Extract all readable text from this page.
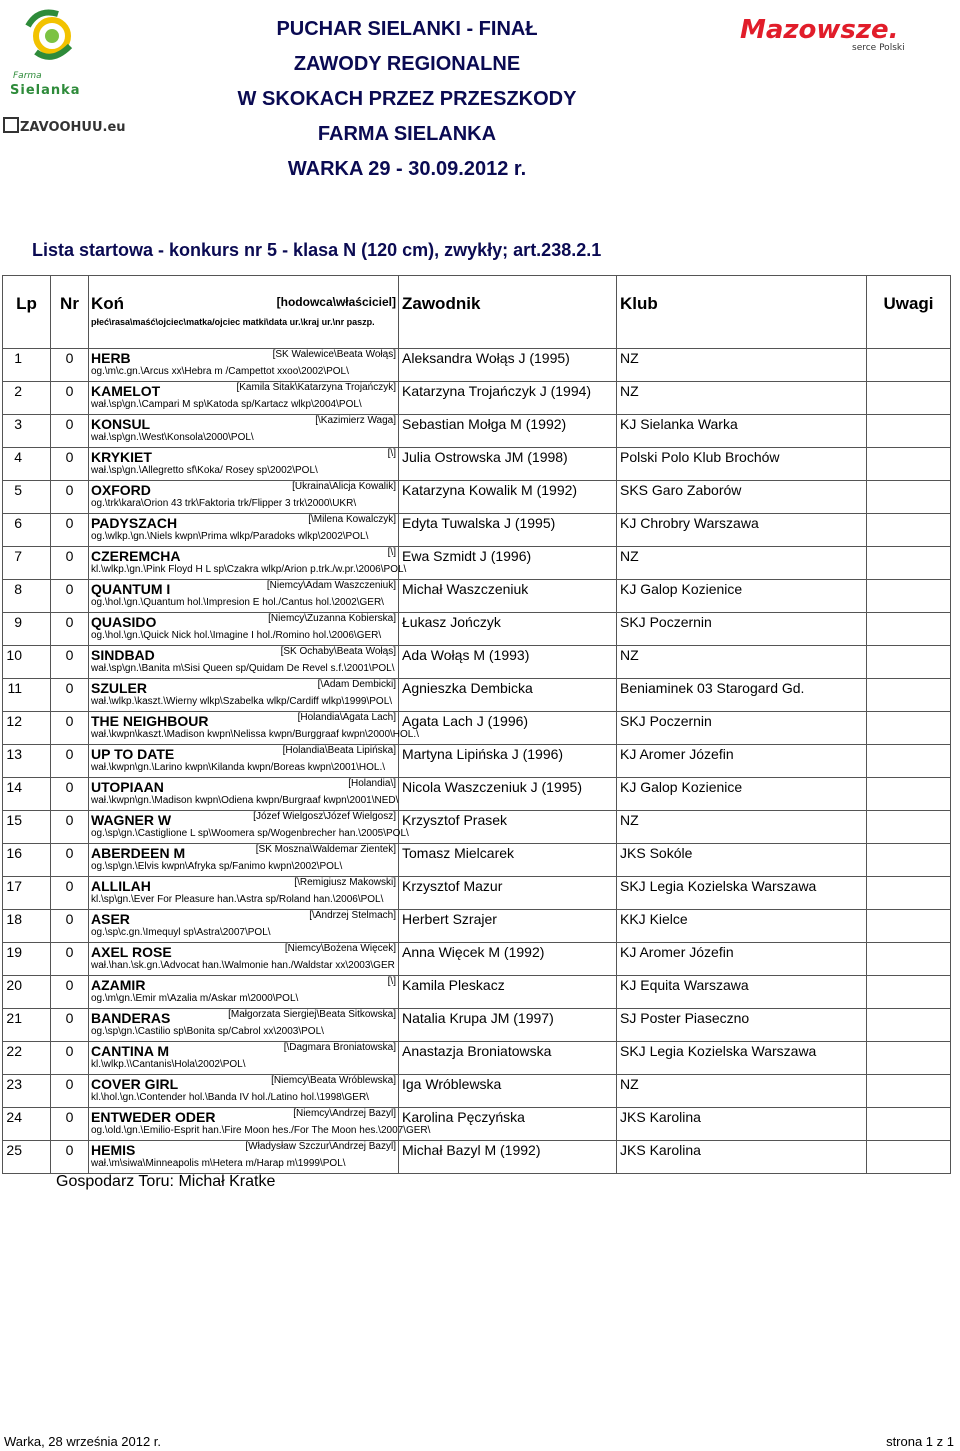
Farma
Sielanka
ZAVOOHUU.eu
Mazowsze.
serce Polski
PUCHAR SIELANKI - FINAŁ
ZAWODY REGIONALNE
W SKOKACH PRZEZ PRZESZKODY
FARMA SIELANKA
WARKA 29 - 30.09.2012 r.
Lista startowa - konkurs nr 5 - klasa N (120 cm), zwykły; art.238.2.1
Lp	Nr	Koń [hodowca\właściciel]
płeć\rasa\maść\ojciec\matka/ojciec matki\data ur.\kraj ur.\nr paszp.	Zawodnik	Klub	Uwagi
1	0	HERB [SK Walewice\Beata Wołąs]
og.\m\c.gn.\Arcus xx\Hebra m /Campettot xxoo\2002\POL\	Aleksandra Wołąs J (1995)	NZ	
2	0	KAMELOT [Kamila Sitak\Katarzyna Trojańczyk]
wał.\sp\gn.\Campari M sp\Katoda sp/Kartacz wlkp\2004\POL\	Katarzyna Trojańczyk J (1994)	NZ	
3	0	KONSUL [\Kazimierz Waga]
wał.\sp\gn.\West\Konsola\2000\POL\	Sebastian Mołga M (1992)	KJ Sielanka Warka	
4	0	KRYKIET [\]
wał.\sp\gn.\Allegretto sf\Koka/ Rosey sp\2002\POL\	Julia Ostrowska JM (1998)	Polski Polo Klub Brochów	
5	0	OXFORD [Ukraina\Alicja Kowalik]
og.\trk\kara\Orion 43 trk\Faktoria trk/Flipper 3 trk\2000\UKR\	Katarzyna Kowalik M (1992)	SKS Garo Zaborów	
6	0	PADYSZACH [\Milena Kowalczyk]
og.\wlkp.\gn.\Niels kwpn\Prima wlkp/Paradoks wlkp\2002\POL\	Edyta Tuwalska J (1995)	KJ Chrobry Warszawa	
7	0	CZEREMCHA [\]
kl.\wlkp.\gn.\Pink Floyd H L sp\Czakra wlkp/Arion p.trk./w.pr.\2006\POL\	Ewa Szmidt J (1996)	NZ	
8	0	QUANTUM I [Niemcy\Adam Waszczeniuk]
og.\hol.\gn.\Quantum hol.\Impresion E hol./Cantus hol.\2002\GER\	Michał Waszczeniuk	KJ Galop Kozienice	
9	0	QUASIDO [Niemcy\Zuzanna Kobierska]
og.\hol.\gn.\Quick Nick hol.\Imagine I hol./Romino hol.\2006\GER\	Łukasz Jończyk	SKJ Poczernin	
10	0	SINDBAD [SK Ochaby\Beata Wołąs]
wał.\sp\gn.\Banita m\Sisi Queen sp/Quidam De Revel s.f.\2001\POL\	Ada Wołąs M (1993)	NZ	
11	0	SZULER [\Adam Dembicki]
wał.\wlkp.\kaszt.\Wierny wlkp\Szabelka wlkp/Cardiff wlkp\1999\POL\	Agnieszka Dembicka	Beniaminek 03 Starogard Gd.	
12	0	THE NEIGHBOUR [Holandia\Agata Lach]
wał.\kwpn\kaszt.\Madison kwpn\Nelissa kwpn/Burggraaf kwpn\2000\HOL.\	Agata Lach J (1996)	SKJ Poczernin	
13	0	UP TO DATE [Holandia\Beata Lipińska]
wał.\kwpn\gn.\Larino kwpn\Kilanda kwpn/Boreas kwpn\2001\HOL.\	Martyna Lipińska J (1996)	KJ Aromer Józefin	
14	0	UTOPIAAN [Holandia\]
wał.\kwpn\gn.\Madison kwpn\Odiena kwpn/Burgraaf kwpn\2001\NED\	Nicola Waszczeniuk J (1995)	KJ Galop Kozienice	
15	0	WAGNER W [Józef Wielgosz\Józef Wielgosz]
og.\sp\gn.\Castiglione L sp\Woomera sp/Wogenbrecher han.\2005\POL\	Krzysztof Prasek	NZ	
16	0	ABERDEEN M [SK Moszna\Waldemar Zientek]
og.\sp\gn.\Elvis kwpn\Afryka sp/Fanimo kwpn\2002\POL\	Tomasz Mielcarek	JKS Sokóle	
17	0	ALLILAH [\Remigiusz Makowski]
kl.\sp\gn.\Ever For Pleasure han.\Astra sp/Roland han.\2006\POL\	Krzysztof Mazur	SKJ Legia Kozielska Warszawa	
18	0	ASER [\Andrzej Stelmach]
og.\sp\c.gn.\Imequyl sp\Astra\2007\POL\	Herbert Szrajer	KKJ Kielce	
19	0	AXEL ROSE [Niemcy\Bożena Więcek]
wał.\han.\sk.gn.\Advocat han.\Walmonie han./Waldstar xx\2003\GER	Anna Więcek M (1992)	KJ Aromer Józefin	
20	0	AZAMIR [\]
og.\m\gn.\Emir m\Azalia m/Askar m\2000\POL\	Kamila Pleskacz	KJ Equita Warszawa	
21	0	BANDERAS [Małgorzata Siergiej\Beata Sitkowska]
og.\sp\gn.\Castilio sp\Bonita sp/Cabrol xx\2003\POL\	Natalia Krupa JM (1997)	SJ Poster Piaseczno	
22	0	CANTINA M [\Dagmara Broniatowska]
kl.\wlkp.\\Cantanis\Hola\2002\POL\	Anastazja Broniatowska	SKJ Legia Kozielska Warszawa	
23	0	COVER GIRL [Niemcy\Beata Wróblewska]
kl.\hol.\gn.\Contender hol.\Banda IV hol./Latino hol.\1998\GER\	Iga Wróblewska	NZ	
24	0	ENTWEDER ODER [Niemcy\Andrzej Bazyl]
og.\old.\gn.\Emilio-Esprit han.\Fire Moon hes./For The Moon hes.\2007\GER\	Karolina Pęczyńska	JKS Karolina	
25	0	HEMIS [Władysław Szczur\Andrzej Bazyl]
wał.\m\siwa\Minneapolis m\Hetera m/Harap m\1999\POL\	Michał Bazyl M (1992)	JKS Karolina	
Gospodarz Toru: Michał Kratke
Warka, 28 września 2012 r.	strona 1 z 1
